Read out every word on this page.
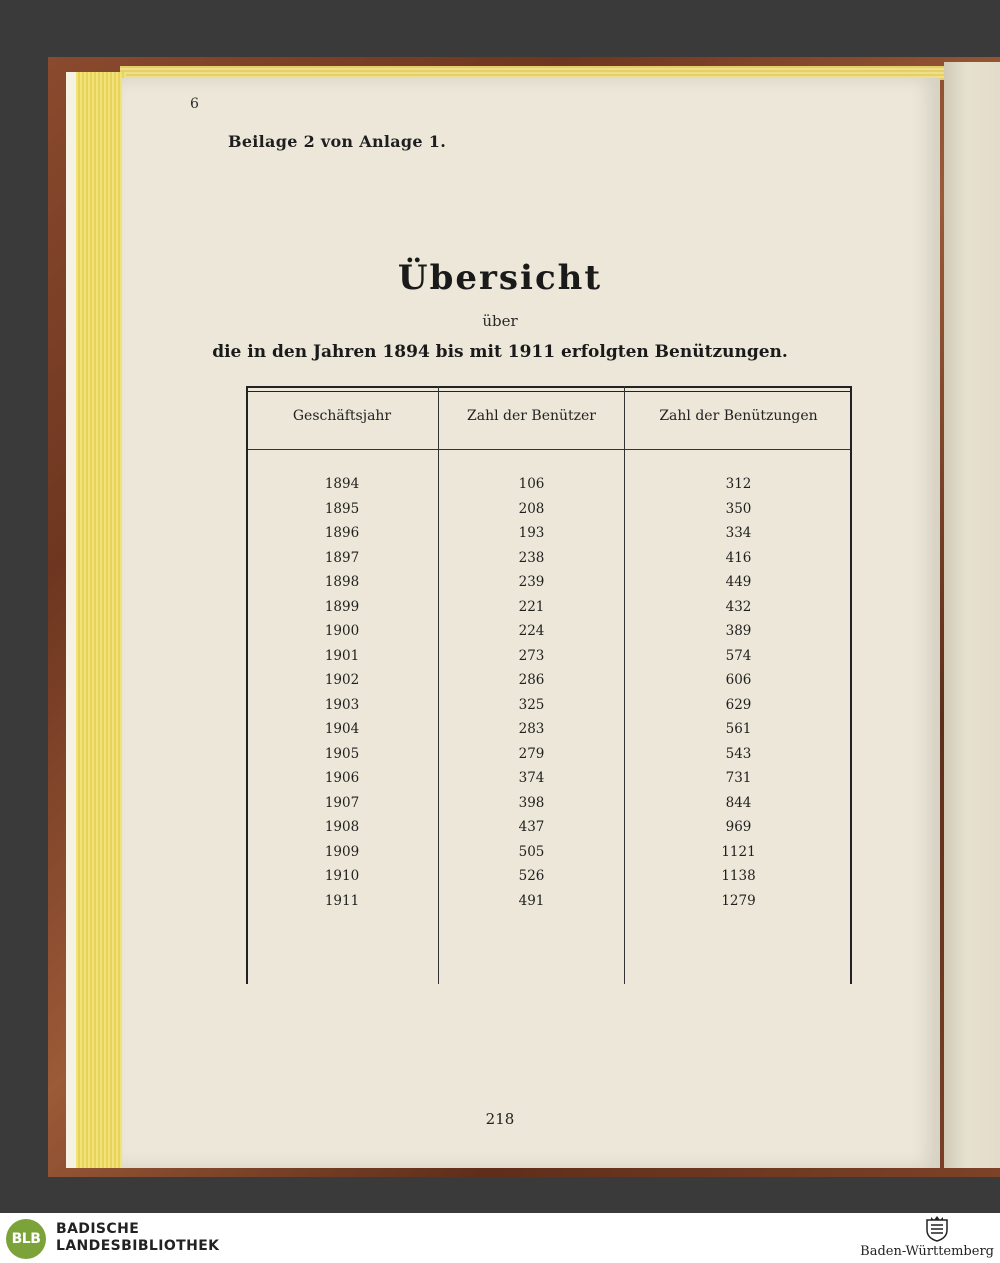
6
Beilage 2 von Anlage 1.
Übersicht
über
die in den Jahren 1894 bis mit 1911 erfolgten Benützungen.
Geschäftsjahr	Zahl der Benützer	Zahl der Benützungen
1894	106	312
1895	208	350
1896	193	334
1897	238	416
1898	239	449
1899	221	432
1900	224	389
1901	273	574
1902	286	606
1903	325	629
1904	283	561
1905	279	543
1906	374	731
1907	398	844
1908	437	969
1909	505	1121
1910	526	1138
1911	491	1279
218
BLB
BADISCHE
LANDESBIBLIOTHEK	Baden-Württemberg
